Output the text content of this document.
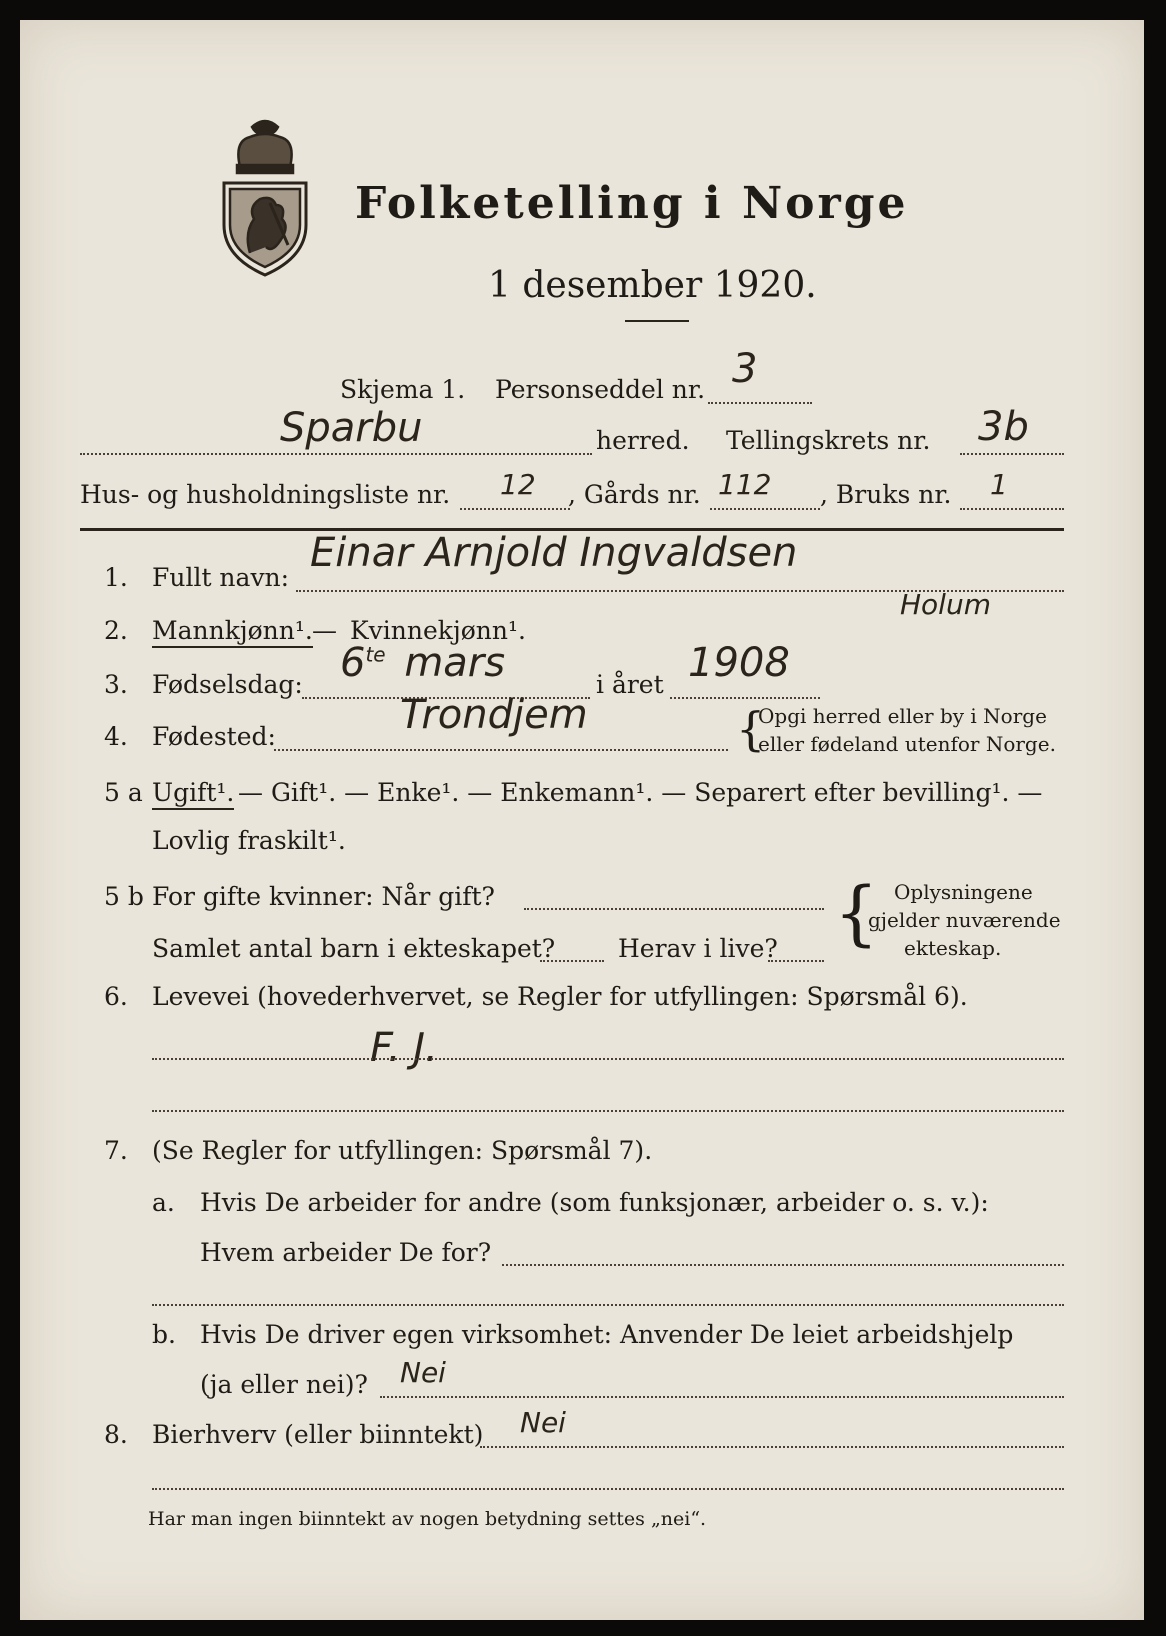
Folketelling i Norge
1 desember 1920.
Skjema 1. Personseddel nr. 3
Sparbu	herred. Tellingskrets nr. 3b
Hus- og husholdningsliste nr. 12 , Gårds nr. 112 , Bruks nr. 1
1. Fullt navn:
Einar Arnjold Ingvaldsen
Holum
2. Mannkjønn¹. — Kvinnekjønn¹.
3. Fødselsdag: $6^{te}$ mars	i året 1908
4. Fødested:	Trondjem	{
Opgi herred eller by i Norge
eller fødeland utenfor Norge.
5 a Ugift¹. — Gift¹. — Enke¹. — Enkemann¹. — Separert efter bevilling¹. —
Lovlig fraskilt¹.
5 b For gifte kvinner: Når gift?
Samlet antal barn i ekteskapet?	Herav i live? { Oplysningene
gjelder nuværende
ekteskap.
6. Levevei (hovederhvervet, se Regler for utfyllingen: Spørsmål 6).
F. J.
7. (Se Regler for utfyllingen: Spørsmål 7).
a. Hvis De arbeider for andre (som funksjonær, arbeider o. s. v.):
Hvem arbeider De for?
b. Hvis De driver egen virksomhet: Anvender De leiet arbeidshjelp
(ja eller nei)? Nei
8. Bierhverv (eller biinntekt) Nei
Har man ingen biinntekt av nogen betydning settes „nei“.
